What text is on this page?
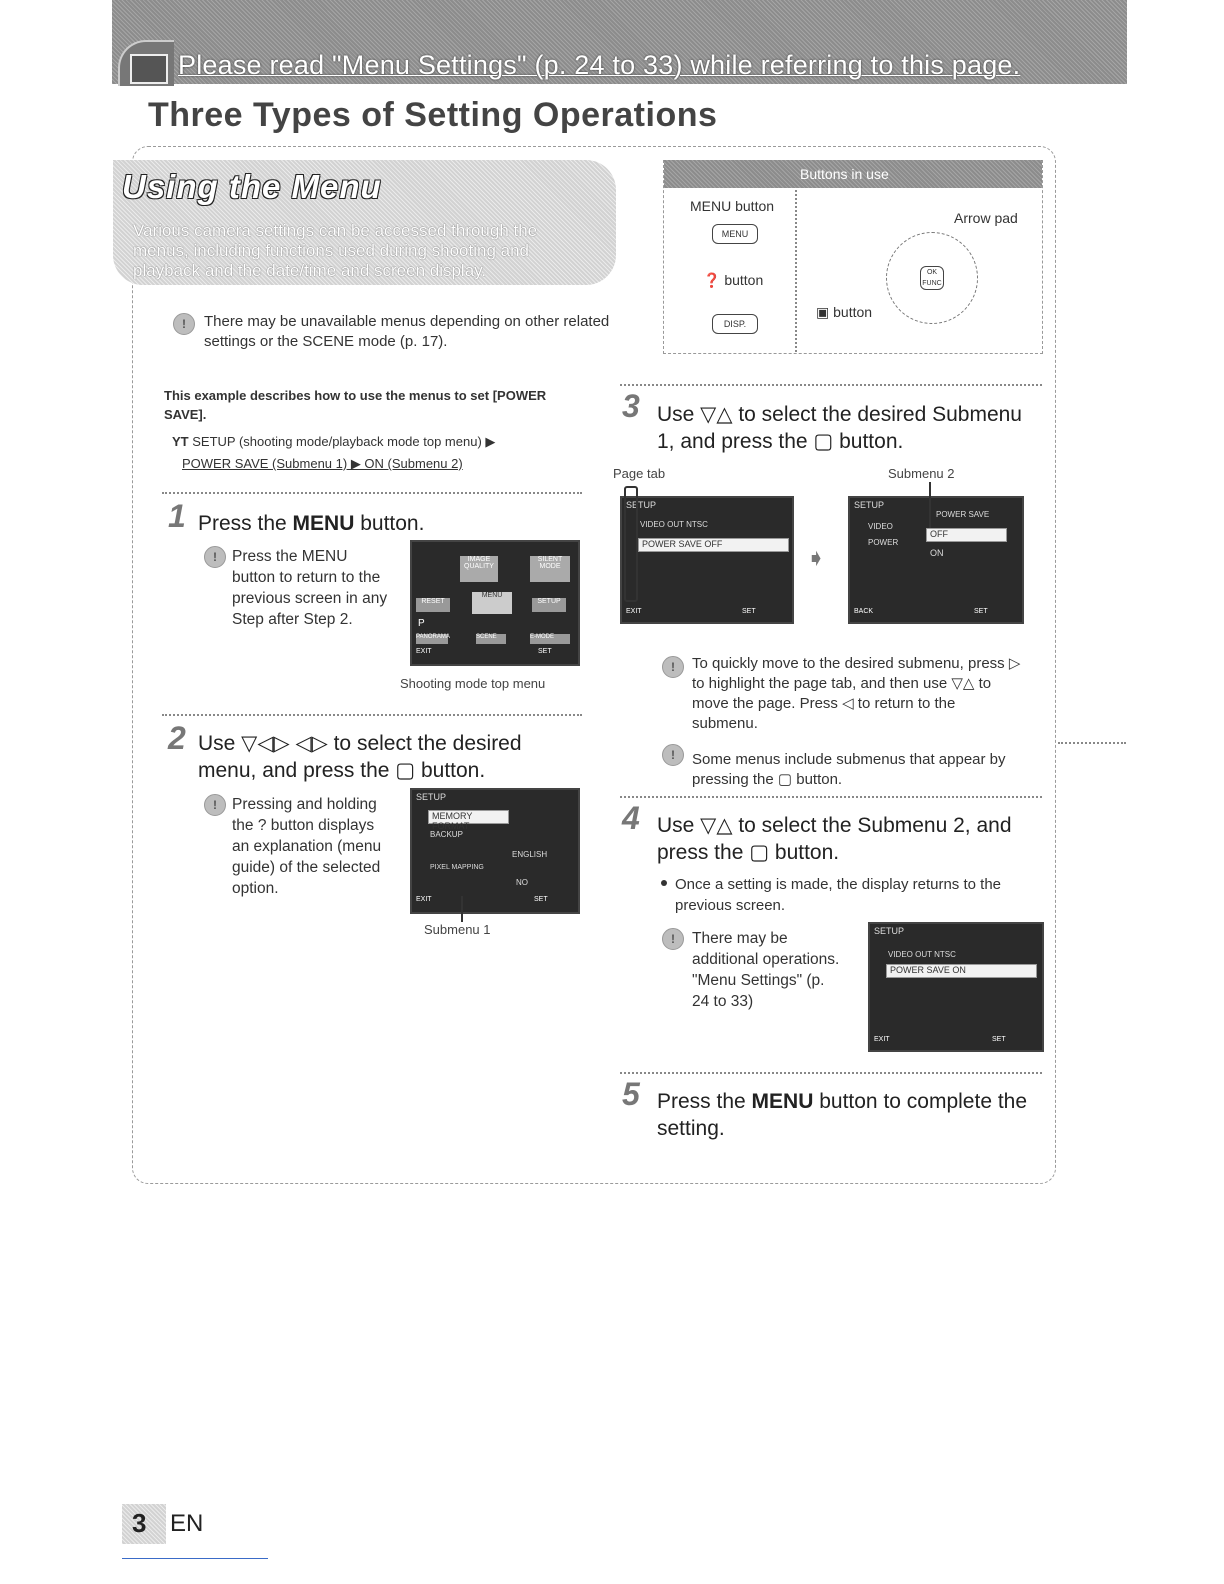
Please read "Menu Settings" (p. 24 to 33) while referring to this page.
Three Types of Setting Operations
Using the Menu
Various camera settings can be accessed through the menus, including functions used during shooting and playback and the date/time and screen display.
!	There may be unavailable menus depending on other related settings or the SCENE mode (p. 17).
This example describes how to use the menus to set [POWER SAVE].
YT SETUP (shooting mode/playback mode top menu) ▶
POWER SAVE (Submenu 1) ▶ ON (Submenu 2)
1 Press the MENU button.
! Press the MENU button to return to the previous screen in any Step after Step 2.
IMAGE QUALITY
SILENT MODE
RESET
MENU
SETUP
P
PANORAMA	SCENE	E-MODE
EXIT	SET
Shooting mode top menu
2 Use ▽◁▷ ◁▷ to select the desired menu, and press the ▢ button.
! Pressing and holding the ? button displays an explanation (menu guide) of the selected option.
SETUP
MEMORY FORMAT
BACKUP
ENGLISH
PIXEL MAPPING
NO
EXIT	SET
Submenu 1
Buttons in use
MENU button
MENU
❓ button
DISP.
Arrow pad
OK
FUNC
▣ button
3 Use ▽△ to select the desired Submenu 1, and press the ▢ button.
Page tab	Submenu 2
SETUP
VIDEO OUT NTSC
POWER SAVE OFF
EXIT	SET
➧
SETUP
POWER SAVE
VIDEO
POWER
OFF
ON
BACK	SET
!	To quickly move to the desired submenu, press ▷ to highlight the page tab, and then use ▽△ to move the page. Press ◁ to return to the submenu.
!	Some menus include submenus that appear by pressing the ▢ button.
4 Use ▽△ to select the Submenu 2, and press the ▢ button.
Once a setting is made, the display returns to the previous screen.
!	There may be additional operations. "Menu Settings" (p. 24 to 33)
SETUP
VIDEO OUT NTSC
POWER SAVE ON
EXIT	SET
5 Press the MENU button to complete the setting.
3 EN
